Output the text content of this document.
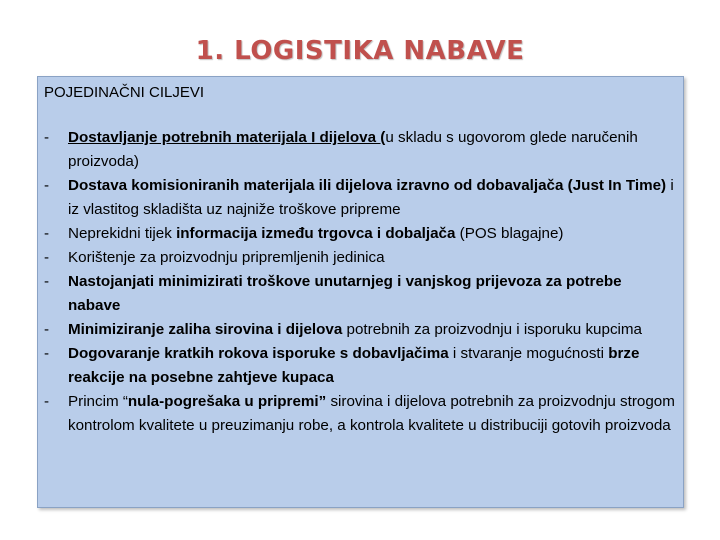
1. LOGISTIKA NABAVE
POJEDINAČNI CILJEVI
- Dostavljanje potrebnih materijala I dijelova (u skladu s ugovorom glede naručenih proizvoda)
- Dostava komisioniranih materijala ili dijelova izravno od dobavaljača (Just In Time) i iz vlastitog skladišta uz najniže troškove pripreme
- Neprekidni tijek informacija između trgovca i dobaljača (POS blagajne)
- Korištenje za proizvodnju pripremljenih jedinica
- Nastojanjati minimizirati troškove unutarnjeg i vanjskog prijevoza za potrebe nabave
- Minimiziranje zaliha sirovina i dijelova potrebnih za proizvodnju i isporuku kupcima
- Dogovaranje kratkih rokova isporuke s dobavljačima i stvaranje mogućnosti brze reakcije na posebne zahtjeve kupaca
- Princim “nula-pogrešaka u pripremi” sirovina i dijelova potrebnih za proizvodnju strogom kontrolom kvalitete u preuzimanju robe, a kontrola kvalitete u distribuciji gotovih proizvoda
